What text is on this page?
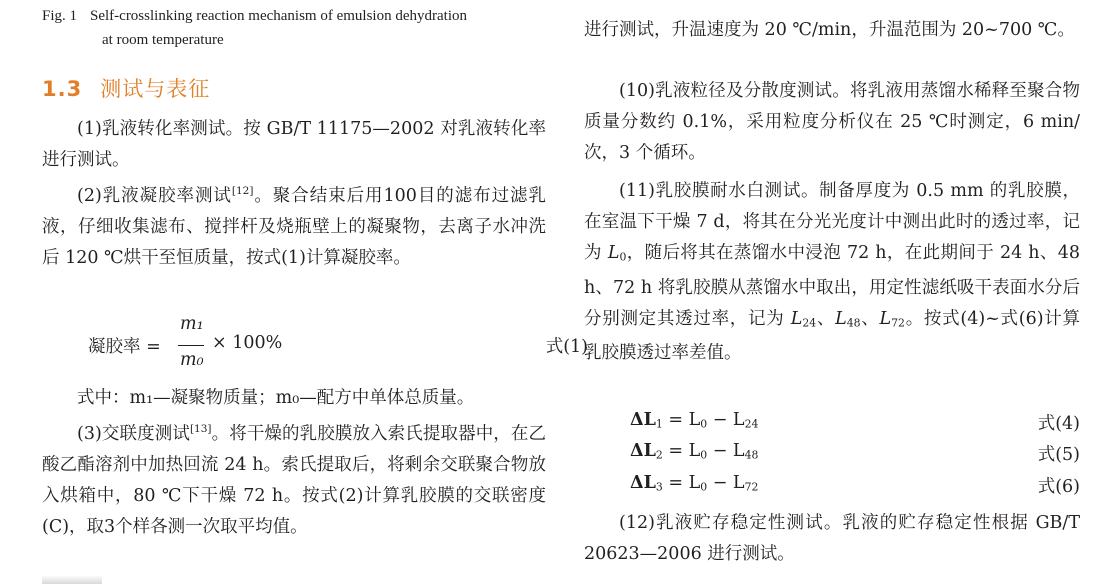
Fig. 1 Self-crosslinking reaction mechanism of emulsion dehydration
at room temperature
1.3 测试与表征
(1)乳液转化率测试。按 GB/T 11175—2002 对乳液转化率进行测试。
(2)乳液凝胶率测试[12]。聚合结束后用100目的滤布过滤乳液，仔细收集滤布、搅拌杆及烧瓶壁上的凝聚物，去离子水冲洗后 120 ℃烘干至恒质量，按式(1)计算凝胶率。
凝胶率 =
m₁
m₀
× 100%	式(1)
式中：m₁—凝聚物质量；m₀—配方中单体总质量。
(3)交联度测试[13]。将干燥的乳胶膜放入索氏提取器中，在乙酸乙酯溶剂中加热回流 24 h。索氏提取后，将剩余交联聚合物放入烘箱中，80 ℃下干燥 72 h。按式(2)计算乳胶膜的交联密度(C)，取3个样各测一次取平均值。
进行测试，升温速度为 20 ℃/min，升温范围为 20~700 ℃。
(10)乳液粒径及分散度测试。将乳液用蒸馏水稀释至聚合物质量分数约 0.1%，采用粒度分析仪在 25 ℃时测定，6 min/次，3 个循环。
(11)乳胶膜耐水白测试。制备厚度为 0.5 mm 的乳胶膜，在室温下干燥 7 d，将其在分光光度计中测出此时的透过率，记为 $L_0$，随后将其在蒸馏水中浸泡 72 h，在此期间于 24 h、48 h、72 h 将乳胶膜从蒸馏水中取出，用定性滤纸吸干表面水分后分别测定其透过率，记为 $L_{24}$、$L_{48}$、$L_{72}$。按式(4)~式(6)计算乳胶膜透过率差值。
$\Delta L_1 = L_0 - L_{24}$	式(4)
$\Delta L_2 = L_0 - L_{48}$	式(5)
$\Delta L_3 = L_0 - L_{72}$	式(6)
(12)乳液贮存稳定性测试。乳液的贮存稳定性根据 GB/T 20623—2006 进行测试。
